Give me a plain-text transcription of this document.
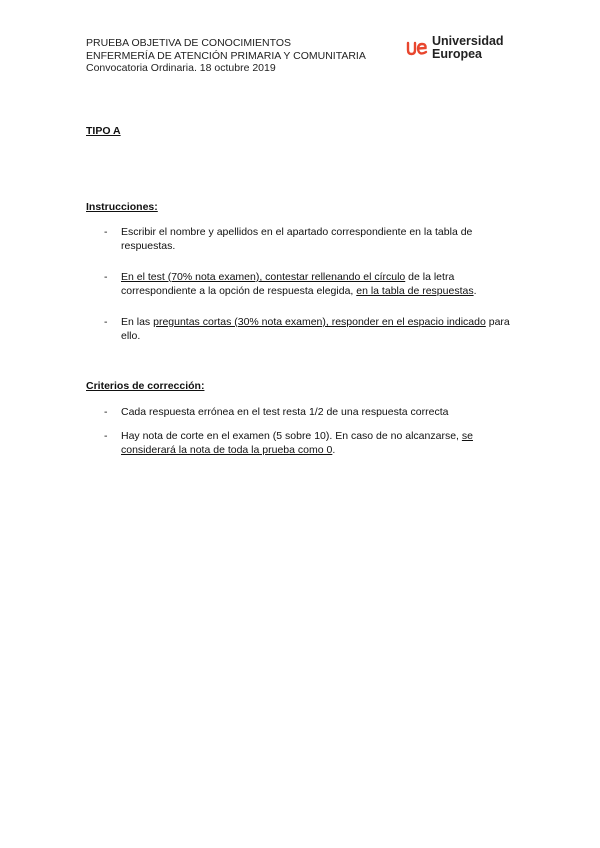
PRUEBA OBJETIVA DE CONOCIMIENTOS
ENFERMERÍA DE ATENCIÓN PRIMARIA Y COMUNITARIA
Convocatoria Ordinaria. 18 octubre 2019
Universidad
Europea
TIPO A
Instrucciones:
- Escribir el nombre y apellidos en el apartado correspondiente en la tabla de respuestas.
- En el test (70% nota examen), contestar rellenando el círculo de la letra correspondiente a la opción de respuesta elegida, en la tabla de respuestas.
- En las preguntas cortas (30% nota examen), responder en el espacio indicado para ello.
Criterios de corrección:
- Cada respuesta errónea en el test resta 1/2 de una respuesta correcta
- Hay nota de corte en el examen (5 sobre 10). En caso de no alcanzarse, se considerará la nota de toda la prueba como 0.
